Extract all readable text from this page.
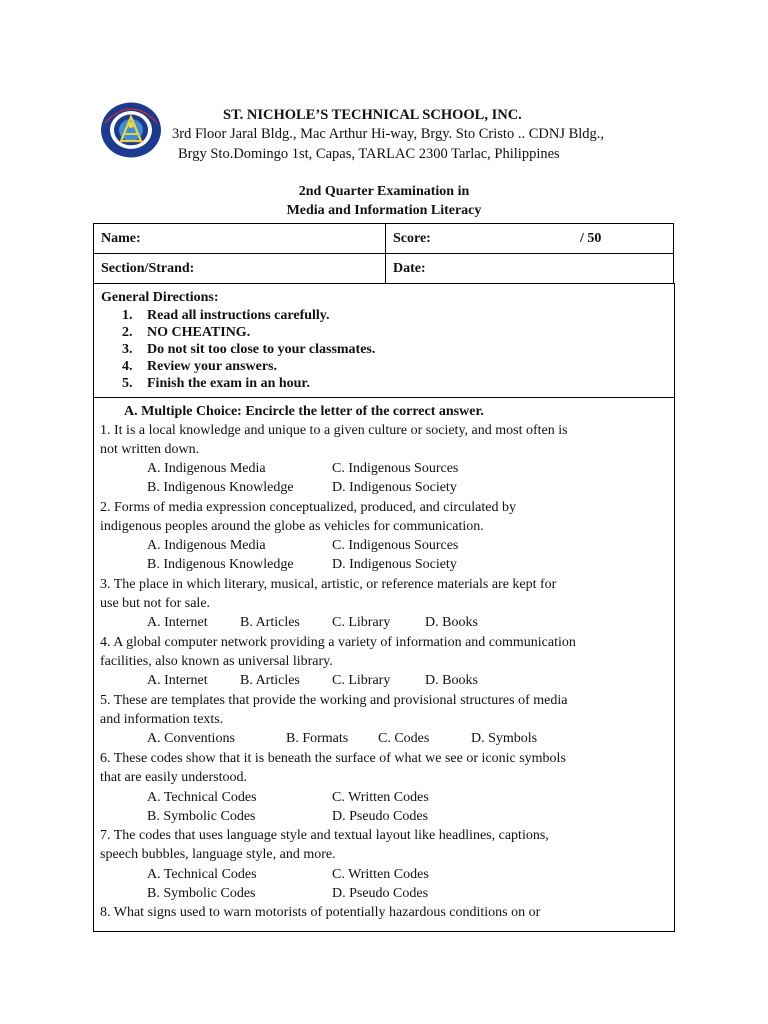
ST. NICHOLE’S TECHNICAL SCHOOL, INC.
3rd Floor Jaral Bldg., Mac Arthur Hi-way, Brgy. Sto Cristo .. CDNJ Bldg.,
Brgy Sto.Domingo 1st, Capas, TARLAC 2300 Tarlac, Philippines
2nd Quarter Examination in
Media and Information Literacy
Name:	Score: / 50

Section/Strand:	Date:
General Directions:
1. Read all instructions carefully.
2. NO CHEATING.
3. Do not sit too close to your classmates.
4. Review your answers.
5. Finish the exam in an hour.
A. Multiple Choice: Encircle the letter of the correct answer.
1. It is a local knowledge and unique to a given culture or society, and most often is
not written down.
A. Indigenous Media	C. Indigenous Sources
B. Indigenous Knowledge	D. Indigenous Society
2. Forms of media expression conceptualized, produced, and circulated by
indigenous peoples around the globe as vehicles for communication.
A. Indigenous Media	C. Indigenous Sources
B. Indigenous Knowledge	D. Indigenous Society
3. The place in which literary, musical, artistic, or reference materials are kept for
use but not for sale.
A. Internet B. Articles C. Library D. Books
4. A global computer network providing a variety of information and communication
facilities, also known as universal library.
A. Internet B. Articles C. Library D. Books
5. These are templates that provide the working and provisional structures of media
and information texts.
A. Conventions	B. Formats C. Codes	D. Symbols
6. These codes show that it is beneath the surface of what we see or iconic symbols
that are easily understood.
A. Technical Codes	C. Written Codes
B. Symbolic Codes	D. Pseudo Codes
7. The codes that uses language style and textual layout like headlines, captions,
speech bubbles, language style, and more.
A. Technical Codes	C. Written Codes
B. Symbolic Codes	D. Pseudo Codes
8. What signs used to warn motorists of potentially hazardous conditions on or
